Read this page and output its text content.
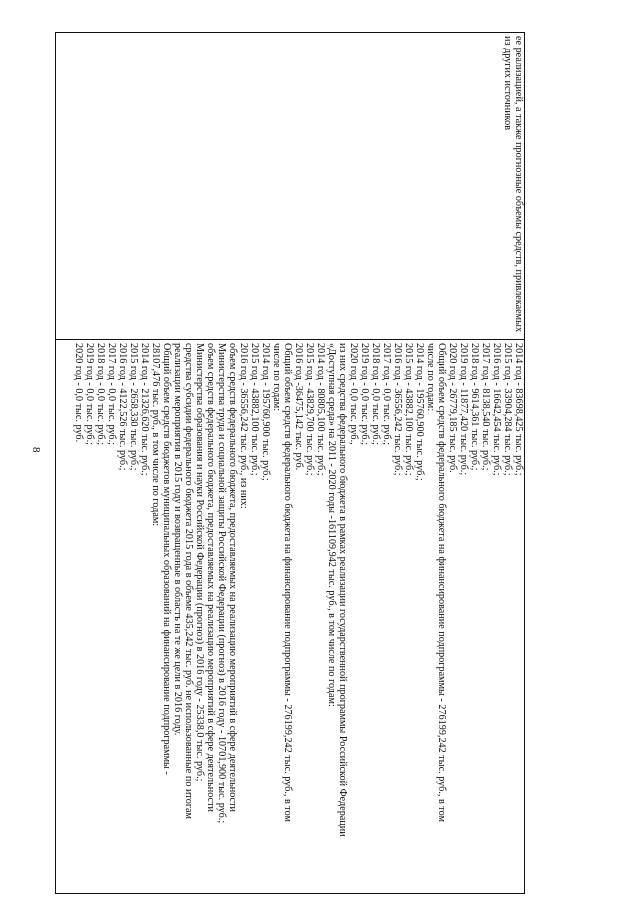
8
ее реализацией, а также прогнозные объемы средств, привлекаемых из других источников

2014 год - 83698,425 тыс. руб.;
2015 год - 33904,284 тыс. руб.;
2016 год - 16642,454 тыс. руб.;
2017 год - 8138,540 тыс. руб.;
2018 год - 9614,361 тыс. руб.;
2019 год - 11877,420 тыс. руб.;
2020 год - 26779,185 тыс. руб.
Общий объем средств федерального бюджета на финансирование подпрограммы - 276199,242 тыс. руб., в том
числе по годам:
2014 год - 195760,900 тыс. руб.;
2015 год - 43882,100 тыс. руб.;
2016 год - 36556,242 тыс. руб.;
2017 год - 0,0 тыс. руб.;
2018 год - 0,0 тыс. руб.;
2019 год - 0,0 тыс. руб.;
2020 год - 0,0 тыс. руб.,
из них средства федерального бюджета в рамках реализации государственной программы Российской Федерации
«Доступная среда» на 2011 - 2020 годы -161109,942 тыс. руб., в том числе по годам:
2014 год - 80805,100 тыс. руб.;
2015 год - 43829,700 тыс. руб.;
2016 год -36475,142 тыс. руб.
Общий объем средств федерального бюджета на финансирование подпрограммы - 276199,242 тыс. руб., в том
числе по годам:
2014 год - 195760,900 тыс. руб.;
2015 год - 43882,100 тыс. руб.;
2016 год - 36556,242 тыс. руб., из них:
объем средств федерального бюджета, предоставляемых на реализацию мероприятий в сфере деятельности
Министерства труда и социальной защиты Российской Федерации (прогноз) в 2016 году - 10701,900 тыс. руб.;
объем средств федерального бюджета, предоставляемых на реализацию мероприятий в сфере деятельности
Министерства образования и науки Российской Федерации (прогноз) в 2016 году - 25338,0 тыс. руб.;
средства субсидии федерального бюджета 2015 года в объеме 435,242 тыс. руб. не использованные по итогам
реализации мероприятия в 2015 году и возвращенные в областъ на те же цели в 2016 году.
Общий объем средств бюджетов муниципальных образований на финансирование подпрограммы -
28107,476 тыс. руб., в том числе по годам:
2014 год - 21326,620 тыс. руб.;
2015 год - 2658,330 тыс. руб.;
2016 год - 4122,526 тыс. руб.;
2017 год - 0,0 тыс. руб.;
2018 год - 0,0 тыс. руб.;
2019 год - 0,0 тыс. руб.;
2020 год - 0,0 тыс. руб.
